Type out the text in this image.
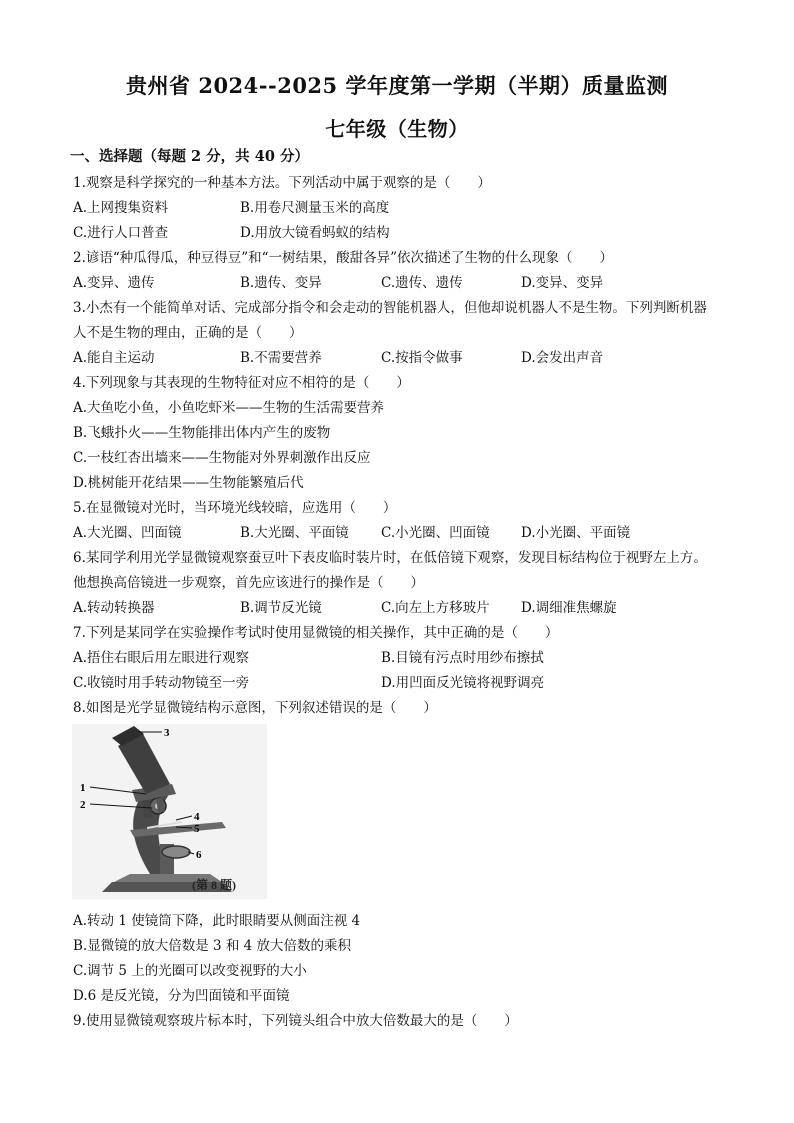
贵州省 2024--2025 学年度第一学期（半期）质量监测
七年级（生物）
一、选择题（每题 2 分，共 40 分）
1.观察是科学探究的一种基本方法。下列活动中属于观察的是（　　）
A.上网搜集资料	B.用卷尺测量玉米的高度
C.进行人口普查	D.用放大镜看蚂蚁的结构
2.谚语“种瓜得瓜，种豆得豆”和“一树结果，酸甜各异”依次描述了生物的什么现象（　　）
A.变异、遗传	B.遗传、变异	C.遗传、遗传	D.变异、变异
3.小杰有一个能简单对话、完成部分指令和会走动的智能机器人，但他却说机器人不是生物。下列判断机器
人不是生物的理由，正确的是（　　）
A.能自主运动	B.不需要营养	C.按指令做事	D.会发出声音
4.下列现象与其表现的生物特征对应不相符的是（　　）
A.大鱼吃小鱼，小鱼吃虾米——生物的生活需要营养
B.飞蛾扑火——生物能排出体内产生的废物
C.一枝红杏出墙来——生物能对外界刺激作出反应
D.桃树能开花结果——生物能繁殖后代
5.在显微镜对光时，当环境光线较暗，应选用（　　）
A.大光圈、凹面镜	B.大光圈、平面镜 C.小光圈、凹面镜 D.小光圈、平面镜
6.某同学利用光学显微镜观察蚕豆叶下表皮临时装片时，在低倍镜下观察，发现目标结构位于视野左上方。
他想换高倍镜进一步观察，首先应该进行的操作是（　　）
A.转动转换器	B.调节反光镜	C.向左上方移玻片 D.调细准焦螺旋
7.下列是某同学在实验操作考试时使用显微镜的相关操作，其中正确的是（　　）
A.捂住右眼后用左眼进行观察	B.目镜有污点时用纱布擦拭
C.收镜时用手转动物镜至一旁	D.用凹面反光镜将视野调亮
8.如图是光学显微镜结构示意图，下列叙述错误的是（　　）
3
1
2
4
5
6
(第 8 题)
A.转动 1 使镜筒下降，此时眼睛要从侧面注视 4
B.显微镜的放大倍数是 3 和 4 放大倍数的乘积
C.调节 5 上的光圈可以改变视野的大小
D.6 是反光镜，分为凹面镜和平面镜
9.使用显微镜观察玻片标本时，下列镜头组合中放大倍数最大的是（　　）
